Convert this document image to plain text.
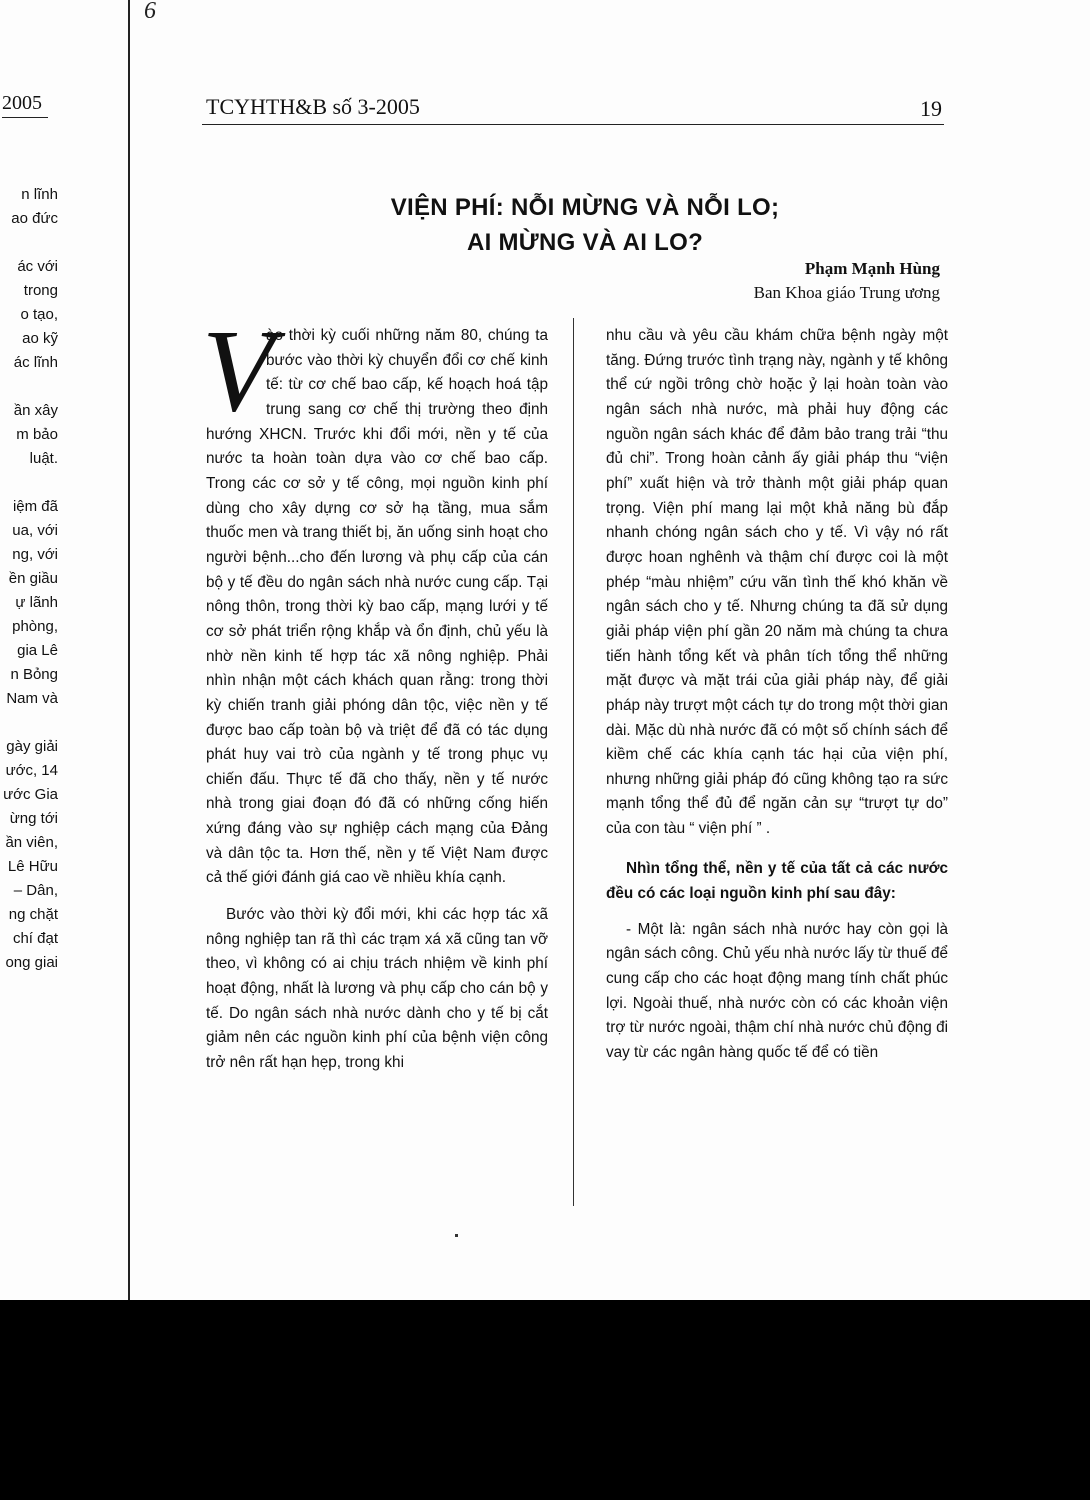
2005
n lĩnh
ao đức
ác với
trong
o tạo,
ao kỹ
ác lĩnh
ần xây
m bảo
luật.
iệm đã
ua, với
ng, với
ền giầu
ự lãnh
phòng,
gia Lê
n Bỏng
Nam và
gày giải
ước, 14
ước Gia
ừng tới
ần viên,
Lê Hữu
– Dân,
ng chặt
chí đạt
ong giai
6
TCYHTH&B số 3-2005	19
VIỆN PHÍ: NỖI MỪNG VÀ NỖI LO;
AI MỪNG VÀ AI LO?
Phạm Mạnh Hùng
Ban Khoa giáo Trung ương

V
ào thời kỳ cuối những năm 80, chúng ta bước vào thời kỳ chuyển đổi cơ chế kinh tế: từ cơ chế bao cấp, kế hoạch hoá tập trung sang cơ chế thị trường theo định hướng XHCN. Trước khi đổi mới, nền y tế của nước ta hoàn toàn dựa vào cơ chế bao cấp. Trong các cơ sở y tế công, mọi nguồn kinh phí dùng cho xây dựng cơ sở hạ tầng, mua sắm thuốc men và trang thiết bị, ăn uống sinh hoạt cho người bệnh...cho đến lương và phụ cấp của cán bộ y tế đều do ngân sách nhà nước cung cấp. Tại nông thôn, trong thời kỳ bao cấp, mạng lưới y tế cơ sở phát triển rộng khắp và ổn định, chủ yếu là nhờ nền kinh tế hợp tác xã nông nghiệp. Phải nhìn nhận một cách khách quan rằng: trong thời kỳ chiến tranh giải phóng dân tộc, việc nền y tế được bao cấp toàn bộ và triệt để đã có tác dụng phát huy vai trò của ngành y tế trong phục vụ chiến đấu. Thực tế đã cho thấy, nền y tế nước nhà trong giai đoạn đó đã có những cống hiến xứng đáng vào sự nghiệp cách mạng của Đảng và dân tộc ta. Hơn thế, nền y tế Việt Nam được cả thế giới đánh giá cao về nhiều khía cạnh.

Bước vào thời kỳ đổi mới, khi các hợp tác xã nông nghiệp tan rã thì các trạm xá xã cũng tan vỡ theo, vì không có ai chịu trách nhiệm về kinh phí hoạt động, nhất là lương và phụ cấp cho cán bộ y tế. Do ngân sách nhà nước dành cho y tế bị cắt giảm nên các nguồn kinh phí của bệnh viện công trở nên rất hạn hẹp, trong khi

nhu cầu và yêu cầu khám chữa bệnh ngày một tăng. Đứng trước tình trạng này, ngành y tế không thể cứ ngồi trông chờ hoặc ỷ lại hoàn toàn vào ngân sách nhà nước, mà phải huy động các nguồn ngân sách khác để đảm bảo trang trải “thu đủ chi”. Trong hoàn cảnh ấy giải pháp thu “viện phí” xuất hiện và trở thành một giải pháp quan trọng. Viện phí mang lại một khả năng bù đắp nhanh chóng ngân sách cho y tế. Vì vậy nó rất được hoan nghênh và thậm chí được coi là một phép “màu nhiệm” cứu vãn tình thế khó khăn về ngân sách cho y tế. Nhưng chúng ta đã sử dụng giải pháp viện phí gần 20 năm mà chúng ta chưa tiến hành tổng kết và phân tích tổng thể những mặt được và mặt trái của giải pháp này, để giải pháp này trượt một cách tự do trong một thời gian dài. Mặc dù nhà nước đã có một số chính sách để kiềm chế các khía cạnh tác hại của viện phí, nhưng những giải pháp đó cũng không tạo ra sức mạnh tổng thể đủ để ngăn cản sự “trượt tự do” của con tàu “ viện phí ” .

Nhìn tổng thể, nền y tế của tất cả các nước đều có các loại nguồn kinh phí sau đây:

- Một là: ngân sách nhà nước hay còn gọi là ngân sách công. Chủ yếu nhà nước lấy từ thuế để cung cấp cho các hoạt động mang tính chất phúc lợi. Ngoài thuế, nhà nước còn có các khoản viện trợ từ nước ngoài, thậm chí nhà nước chủ động đi vay từ các ngân hàng quốc tế để có tiền
